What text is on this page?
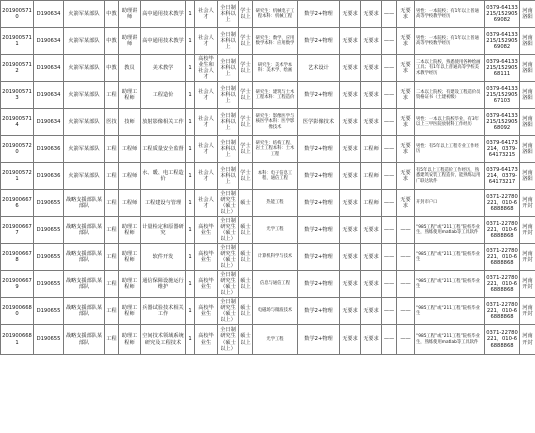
2019005710	D190634	火箭军某部队	中教	助理讲师	高中通用技术教学	1	社会人才	全日制本科以上	学士以上	研究生：机械电子工程本科：机械工程	数学2+物理	无要求	无要求	——	无要求	男性：一本院校；有1年以上普通高等学校教学经历	0379-64133215/15290569082	河南洛阳
2019005711	D190634	火箭军某部队	中教	助理讲师	高中通用技术教学	1	社会人才	全日制本科以上	学士以上	研究生：数学、应用数学本科：应用数学	数学2+物理	无要求	无要求	——	无要求	男性：一本院校；有1年以上普通高等学校数学经历	0379-64133215/15290569082	河南洛阳
2019005712	D190634	火箭军某部队	中教	教员	美术教学	1	高校毕业生和社会人才	全日制本科以上	学士以上	研究生：美术学本科：美术学、绘画	艺术设计	无要求	无要求	——	无要求	二本以上院校，熟悉使用各种绘画工具；有1年以上普通高等学校美术教学经历	0379-64133215/15290568111	河南洛阳
2019005713	D190634	火箭军某部队	工程	助理工程师	工程造价	1	社会人才	全日制本科以上	学士以上	研究生：建筑与土木工程本科：工程造价	数学2+物理	无要求	无要求	——	无要求	二本以上院校；有建设工程造价员资格证书（土建初级）	0379-64133215/15290567103	河南洛阳
2019005714	D190634	火箭军某部队	医技	技师	放射影像相关工作	1	社会人才	全日制本科以上	学士以上	研究生：影像医学与核医学本科：医学影像技术	医学影像技术	无要求	无要求	——	无要求	男性：一本以上院校毕业，有3年以上三甲医院放射科工作经历	0379-64133215/15290568092	河南洛阳
2019005720	D190636	火箭军某部队	工程	工程师	工程质量安全监督	1	社会人才	全日制本科以上	学士以上	研究生：结构工程、岩土工程本科：土木工程	数学2+物理	无要求	工程师	——	无要求	男性：有5年以上工程专业工作经历	0379-64173214，0379-64173215	河南洛阳
2019005721	D190636	火箭军某部队	工程	工程师	水、暖、电工程造价	1	社会人才	全日制本科以上	学士以上	本科：电子信息工程、通信工程	数学2+物理	无要求	工程师	——	无要求	有5年以上工程造价工作经历，熟悉建筑安装工程造价，能熟练运用广联达软件	0379-64173214，0379-64173217	河南洛阳
2019006676	D190655	战略支援部队某部队	工程	工程师	工程建设与管理	1	社会人才	全日制研究生（硕士以上）	硕士	热能工程	数学2+物理	无要求	工程师	——	无要求	开封市户口	0371-22780221，010-66888868	河南开封
2019006677	D190655	战略支援部队某部队	工程	助理工程师	计量检定和原器研究	1	高校毕业生	全日制研究生（硕士以上）	硕士以上	光学工程	数学2+物理	无要求	无要求	——	——	“985工程”或“211工程”院校毕业生，熟练使用matlab等工具软件	0371-22780221，010-66888868	河南开封
2019006678	D190655	战略支援部队某部队	工程	助理工程师	软件开发	1	高校毕业生	全日制研究生（硕士以上）	硕士以上	计算机科学与技术	数学2+物理	无要求	无要求	——	——	“985工程”或“211工程”院校毕业生	0371-22780221，010-66888868	河南开封
2019006679	D190655	战略支援部队某部队	工程	助理工程师	通信保障设施运行维护	1	高校毕业生	全日制研究生（硕士以上）	硕士以上	信息与通信工程	数学2+物理	无要求	无要求	——	——	“985工程”或“211工程”院校毕业生	0371-22780221，010-66888868	河南开封
2019006680	D190655	战略支援部队某部队	工程	助理工程师	兵器试验技术相关工作	1	高校毕业生	全日制研究生（硕士以上）	硕士以上	电磁场与微波技术	数学2+物理	无要求	无要求	——	——	“985工程”或“211工程”院校毕业生	0371-22780221，010-66888868	河南开封
2019006681	D190655	战略支援部队某部队	工程	助理工程师	空间技术领域系统研究及工程技术	1	高校毕业生	全日制研究生（硕士以上）	硕士以上	光学工程	数学2+物理	无要求	无要求	——	——	“985工程”或“211工程”院校毕业生，熟练使用matlab等工具软件	0371-22780221，010-66888868	河南开封
